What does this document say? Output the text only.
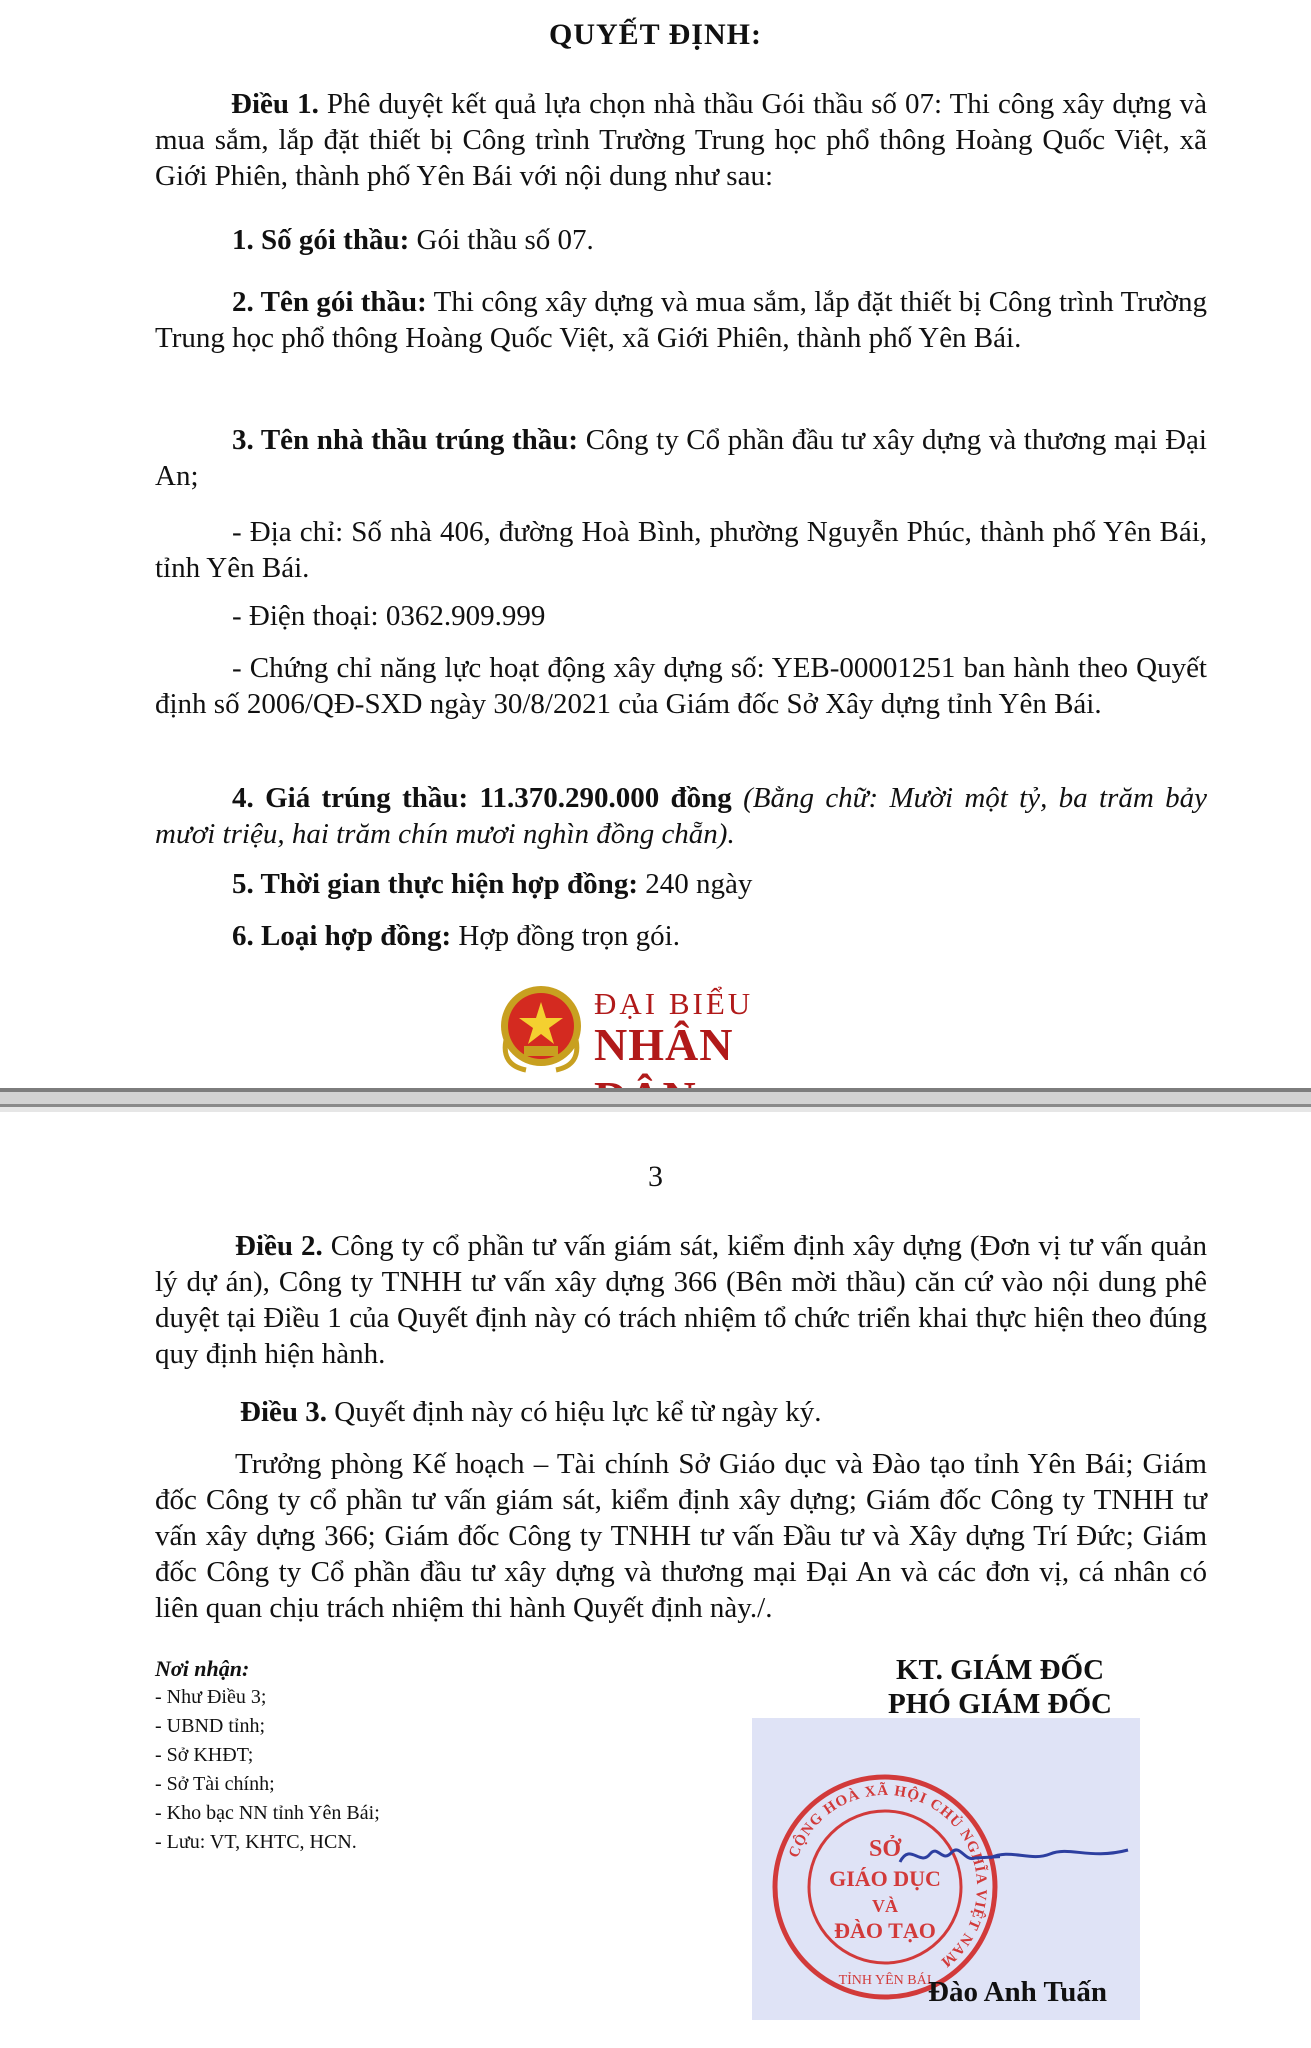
QUYẾT ĐỊNH:
Điều 1. Phê duyệt kết quả lựa chọn nhà thầu Gói thầu số 07: Thi công xây dựng và mua sắm, lắp đặt thiết bị Công trình Trường Trung học phổ thông Hoàng Quốc Việt, xã Giới Phiên, thành phố Yên Bái với nội dung như sau:
1. Số gói thầu: Gói thầu số 07.
2. Tên gói thầu: Thi công xây dựng và mua sắm, lắp đặt thiết bị Công trình Trường Trung học phổ thông Hoàng Quốc Việt, xã Giới Phiên, thành phố Yên Bái.
3. Tên nhà thầu trúng thầu: Công ty Cổ phần đầu tư xây dựng và thương mại Đại An;
- Địa chỉ: Số nhà 406, đường Hoà Bình, phường Nguyễn Phúc, thành phố Yên Bái, tỉnh Yên Bái.
- Điện thoại: 0362.909.999
- Chứng chỉ năng lực hoạt động xây dựng số: YEB-00001251 ban hành theo Quyết định số 2006/QĐ-SXD ngày 30/8/2021 của Giám đốc Sở Xây dựng tỉnh Yên Bái.
4. Giá trúng thầu: 11.370.290.000 đồng (Bằng chữ: Mười một tỷ, ba trăm bảy mươi triệu, hai trăm chín mươi nghìn đồng chẵn).
5. Thời gian thực hiện hợp đồng: 240 ngày
6. Loại hợp đồng: Hợp đồng trọn gói.
ĐẠI BIỂU
NHÂN
3
Điều 2. Công ty cổ phần tư vấn giám sát, kiểm định xây dựng (Đơn vị tư vấn quản lý dự án), Công ty TNHH tư vấn xây dựng 366 (Bên mời thầu) căn cứ vào nội dung phê duyệt tại Điều 1 của Quyết định này có trách nhiệm tổ chức triển khai thực hiện theo đúng quy định hiện hành.
Điều 3. Quyết định này có hiệu lực kể từ ngày ký.
Trưởng phòng Kế hoạch – Tài chính Sở Giáo dục và Đào tạo tỉnh Yên Bái; Giám đốc Công ty cổ phần tư vấn giám sát, kiểm định xây dựng; Giám đốc Công ty TNHH tư vấn xây dựng 366; Giám đốc Công ty TNHH tư vấn Đầu tư và Xây dựng Trí Đức; Giám đốc Công ty Cổ phần đầu tư xây dựng và thương mại Đại An và các đơn vị, cá nhân có liên quan chịu trách nhiệm thi hành Quyết định này./.
Nơi nhận:
- Như Điều 3;
- UBND tỉnh;
- Sở KHĐT;
- Sở Tài chính;
- Kho bạc NN tỉnh Yên Bái;
- Lưu: VT, KHTC, HCN.
KT. GIÁM ĐỐC
PHÓ GIÁM ĐỐC
CỘNG HOÀ XÃ HỘI CHỦ NGHĨA VIỆT NAM
TỈNH YÊN BÁI
SỞ
GIÁO DỤC
VÀ
ĐÀO TẠO
Đào Anh Tuấn
